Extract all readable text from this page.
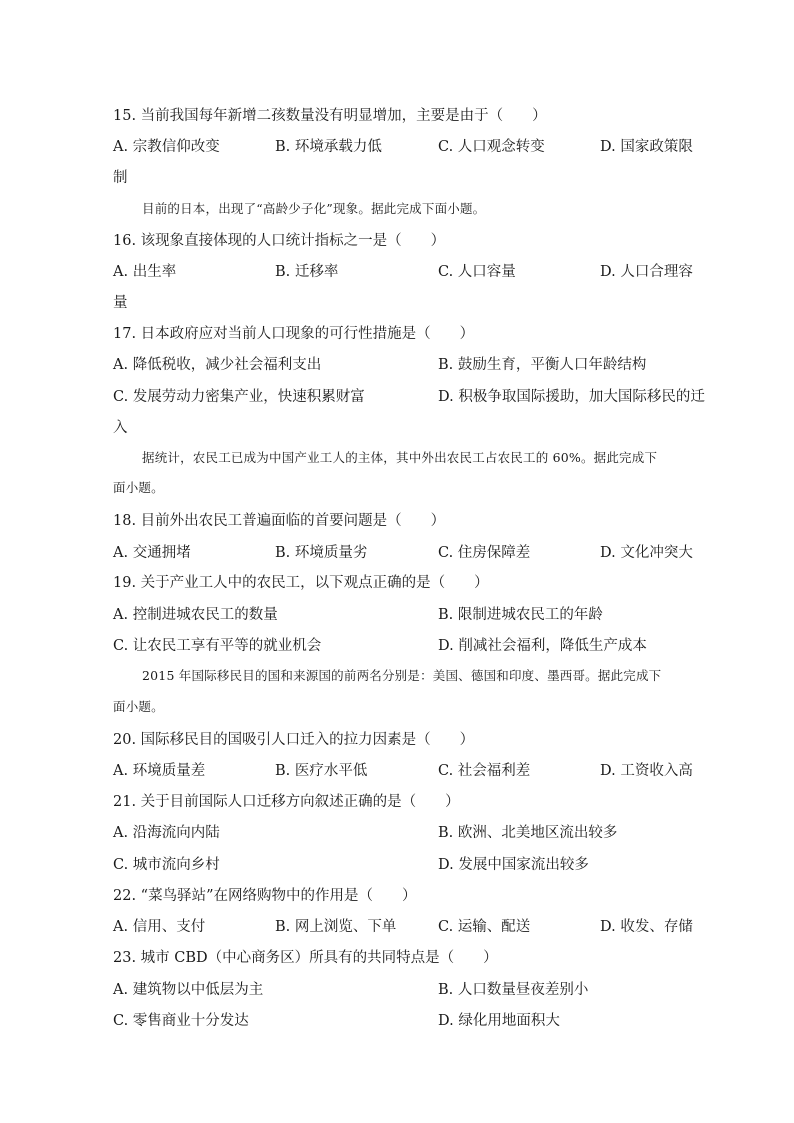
15. 当前我国每年新增二孩数量没有明显增加，主要是由于（　　）
A. 宗教信仰改变	B. 环境承载力低	C. 人口观念转变	D. 国家政策限
制
目前的日本，出现了“高龄少子化”现象。据此完成下面小题。
16. 该现象直接体现的人口统计指标之一是（　　）
A. 出生率	B. 迁移率	C. 人口容量	D. 人口合理容
量
17. 日本政府应对当前人口现象的可行性措施是（　　）
A. 降低税收，减少社会福利支出	B. 鼓励生育，平衡人口年龄结构
C. 发展劳动力密集产业，快速积累财富	D. 积极争取国际援助，加大国际移民的迁
入
据统计，农民工已成为中国产业工人的主体，其中外出农民工占农民工的 60%。据此完成下
面小题。
18. 目前外出农民工普遍面临的首要问题是（　　）
A. 交通拥堵	B. 环境质量劣	C. 住房保障差	D. 文化冲突大
19. 关于产业工人中的农民工，以下观点正确的是（　　）
A. 控制进城农民工的数量	B. 限制进城农民工的年龄
C. 让农民工享有平等的就业机会	D. 削减社会福利，降低生产成本
2015 年国际移民目的国和来源国的前两名分别是：美国、德国和印度、墨西哥。据此完成下
面小题。
20. 国际移民目的国吸引人口迁入的拉力因素是（　　）
A. 环境质量差	B. 医疗水平低	C. 社会福利差	D. 工资收入高
21. 关于目前国际人口迁移方向叙述正确的是（　　）
A. 沿海流向内陆	B. 欧洲、北美地区流出较多
C. 城市流向乡村	D. 发展中国家流出较多
22. “菜鸟驿站”在网络购物中的作用是（　　）
A. 信用、支付	B. 网上浏览、下单	C. 运输、配送	D. 收发、存储
23. 城市 CBD（中心商务区）所具有的共同特点是（　　）
A. 建筑物以中低层为主	B. 人口数量昼夜差别小
C. 零售商业十分发达	D. 绿化用地面积大
